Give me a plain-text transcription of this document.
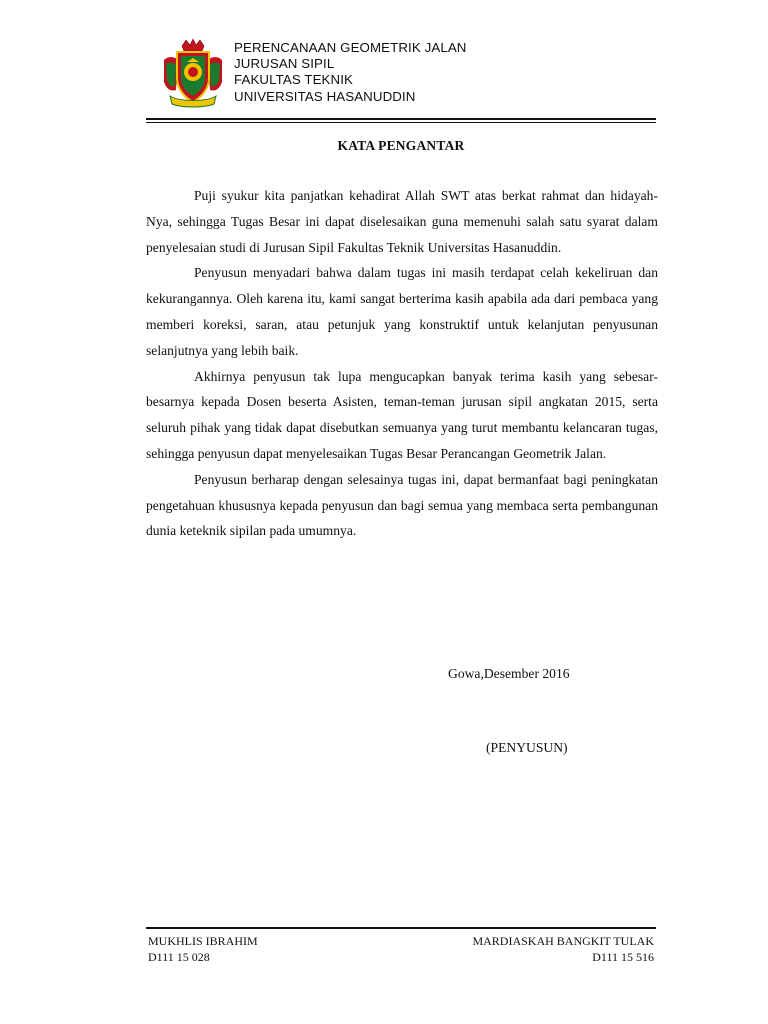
PERENCANAAN GEOMETRIK JALAN
JURUSAN SIPIL
FAKULTAS TEKNIK
UNIVERSITAS HASANUDDIN
KATA PENGANTAR

Puji syukur kita panjatkan kehadirat Allah SWT atas berkat rahmat dan hidayah-Nya, sehingga Tugas Besar ini dapat diselesaikan guna memenuhi salah satu syarat dalam penyelesaian studi di Jurusan Sipil Fakultas Teknik Universitas Hasanuddin.

Penyusun menyadari bahwa dalam tugas ini masih terdapat celah kekeliruan dan kekurangannya. Oleh karena itu, kami sangat berterima kasih apabila ada dari pembaca yang memberi koreksi, saran, atau petunjuk yang konstruktif untuk kelanjutan penyusunan selanjutnya yang lebih baik.

Akhirnya penyusun tak lupa mengucapkan banyak terima kasih yang sebesar-besarnya kepada Dosen beserta Asisten, teman-teman jurusan sipil angkatan 2015, serta seluruh pihak yang tidak dapat disebutkan semuanya yang turut membantu kelancaran tugas, sehingga penyusun dapat menyelesaikan Tugas Besar Perancangan Geometrik Jalan.

Penyusun berharap dengan selesainya tugas ini, dapat bermanfaat bagi peningkatan pengetahuan khususnya kepada penyusun dan bagi semua yang membaca serta pembangunan dunia keteknik sipilan pada umumnya.

Gowa,Desember 2016
(PENYUSUN)
MUKHLIS IBRAHIM
D111 15 028
MARDIASKAH BANGKIT TULAK
D111 15 516
